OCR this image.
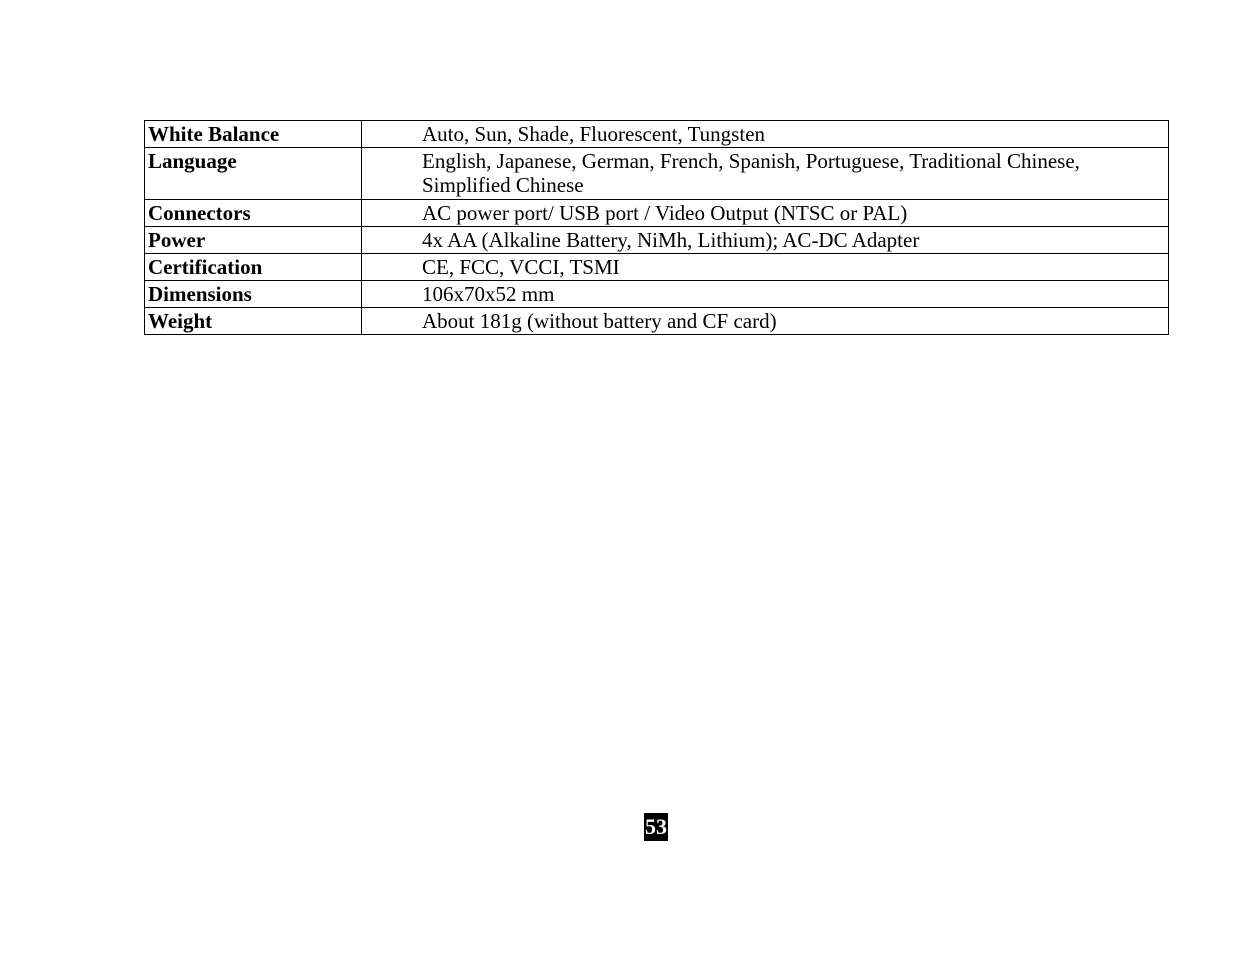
White Balance	Auto, Sun, Shade, Fluorescent, Tungsten
Language	English, Japanese, German, French, Spanish, Portuguese, Traditional Chinese,
Simplified Chinese
Connectors	AC power port/ USB port / Video Output (NTSC or PAL)
Power	4x AA (Alkaline Battery, NiMh, Lithium); AC-DC Adapter
Certification	CE, FCC, VCCI, TSMI
Dimensions	106x70x52 mm
Weight	About 181g (without battery and CF card)
53
